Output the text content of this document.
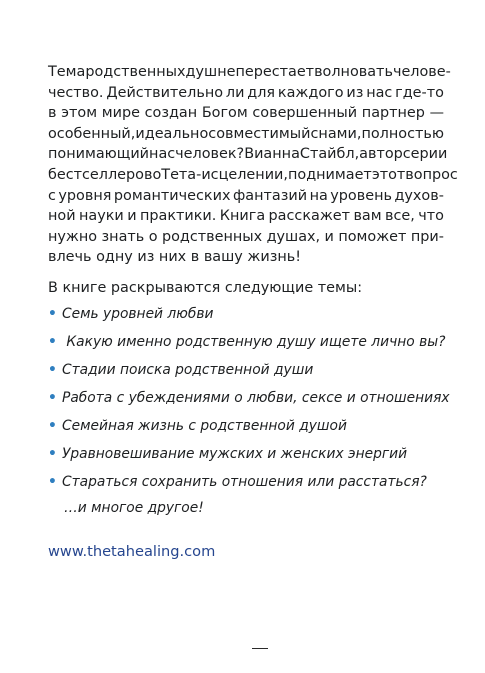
Тема родственных душ не перестает волновать челове-
чество. Действительно ли для каждого из нас где-то
в этом мире создан Богом совершенный партнер —
особенный, идеально совместимый с нами, полностью
понимающий нас человек? Вианна Стайбл, автор серии
бестселлеров о Тета-исцелении, поднимает этот вопрос
с уровня романтических фантазий на уровень духов-
ной науки и практики. Книга расскажет вам все, что
нужно знать о родственных душах, и поможет при-
влечь одну из них в вашу жизнь!
В книге раскрываются следующие темы:
• Семь уровней любви
• Какую именно родственную душу ищете лично вы?
• Стадии поиска родственной души
• Работа с убеждениями о любви, сексе и отношениях
• Семейная жизнь с родственной душой
• Уравновешивание мужских и женских энергий
• Стараться сохранить отношения или расстаться?
…и многое другое!
www.thetahealing.com
